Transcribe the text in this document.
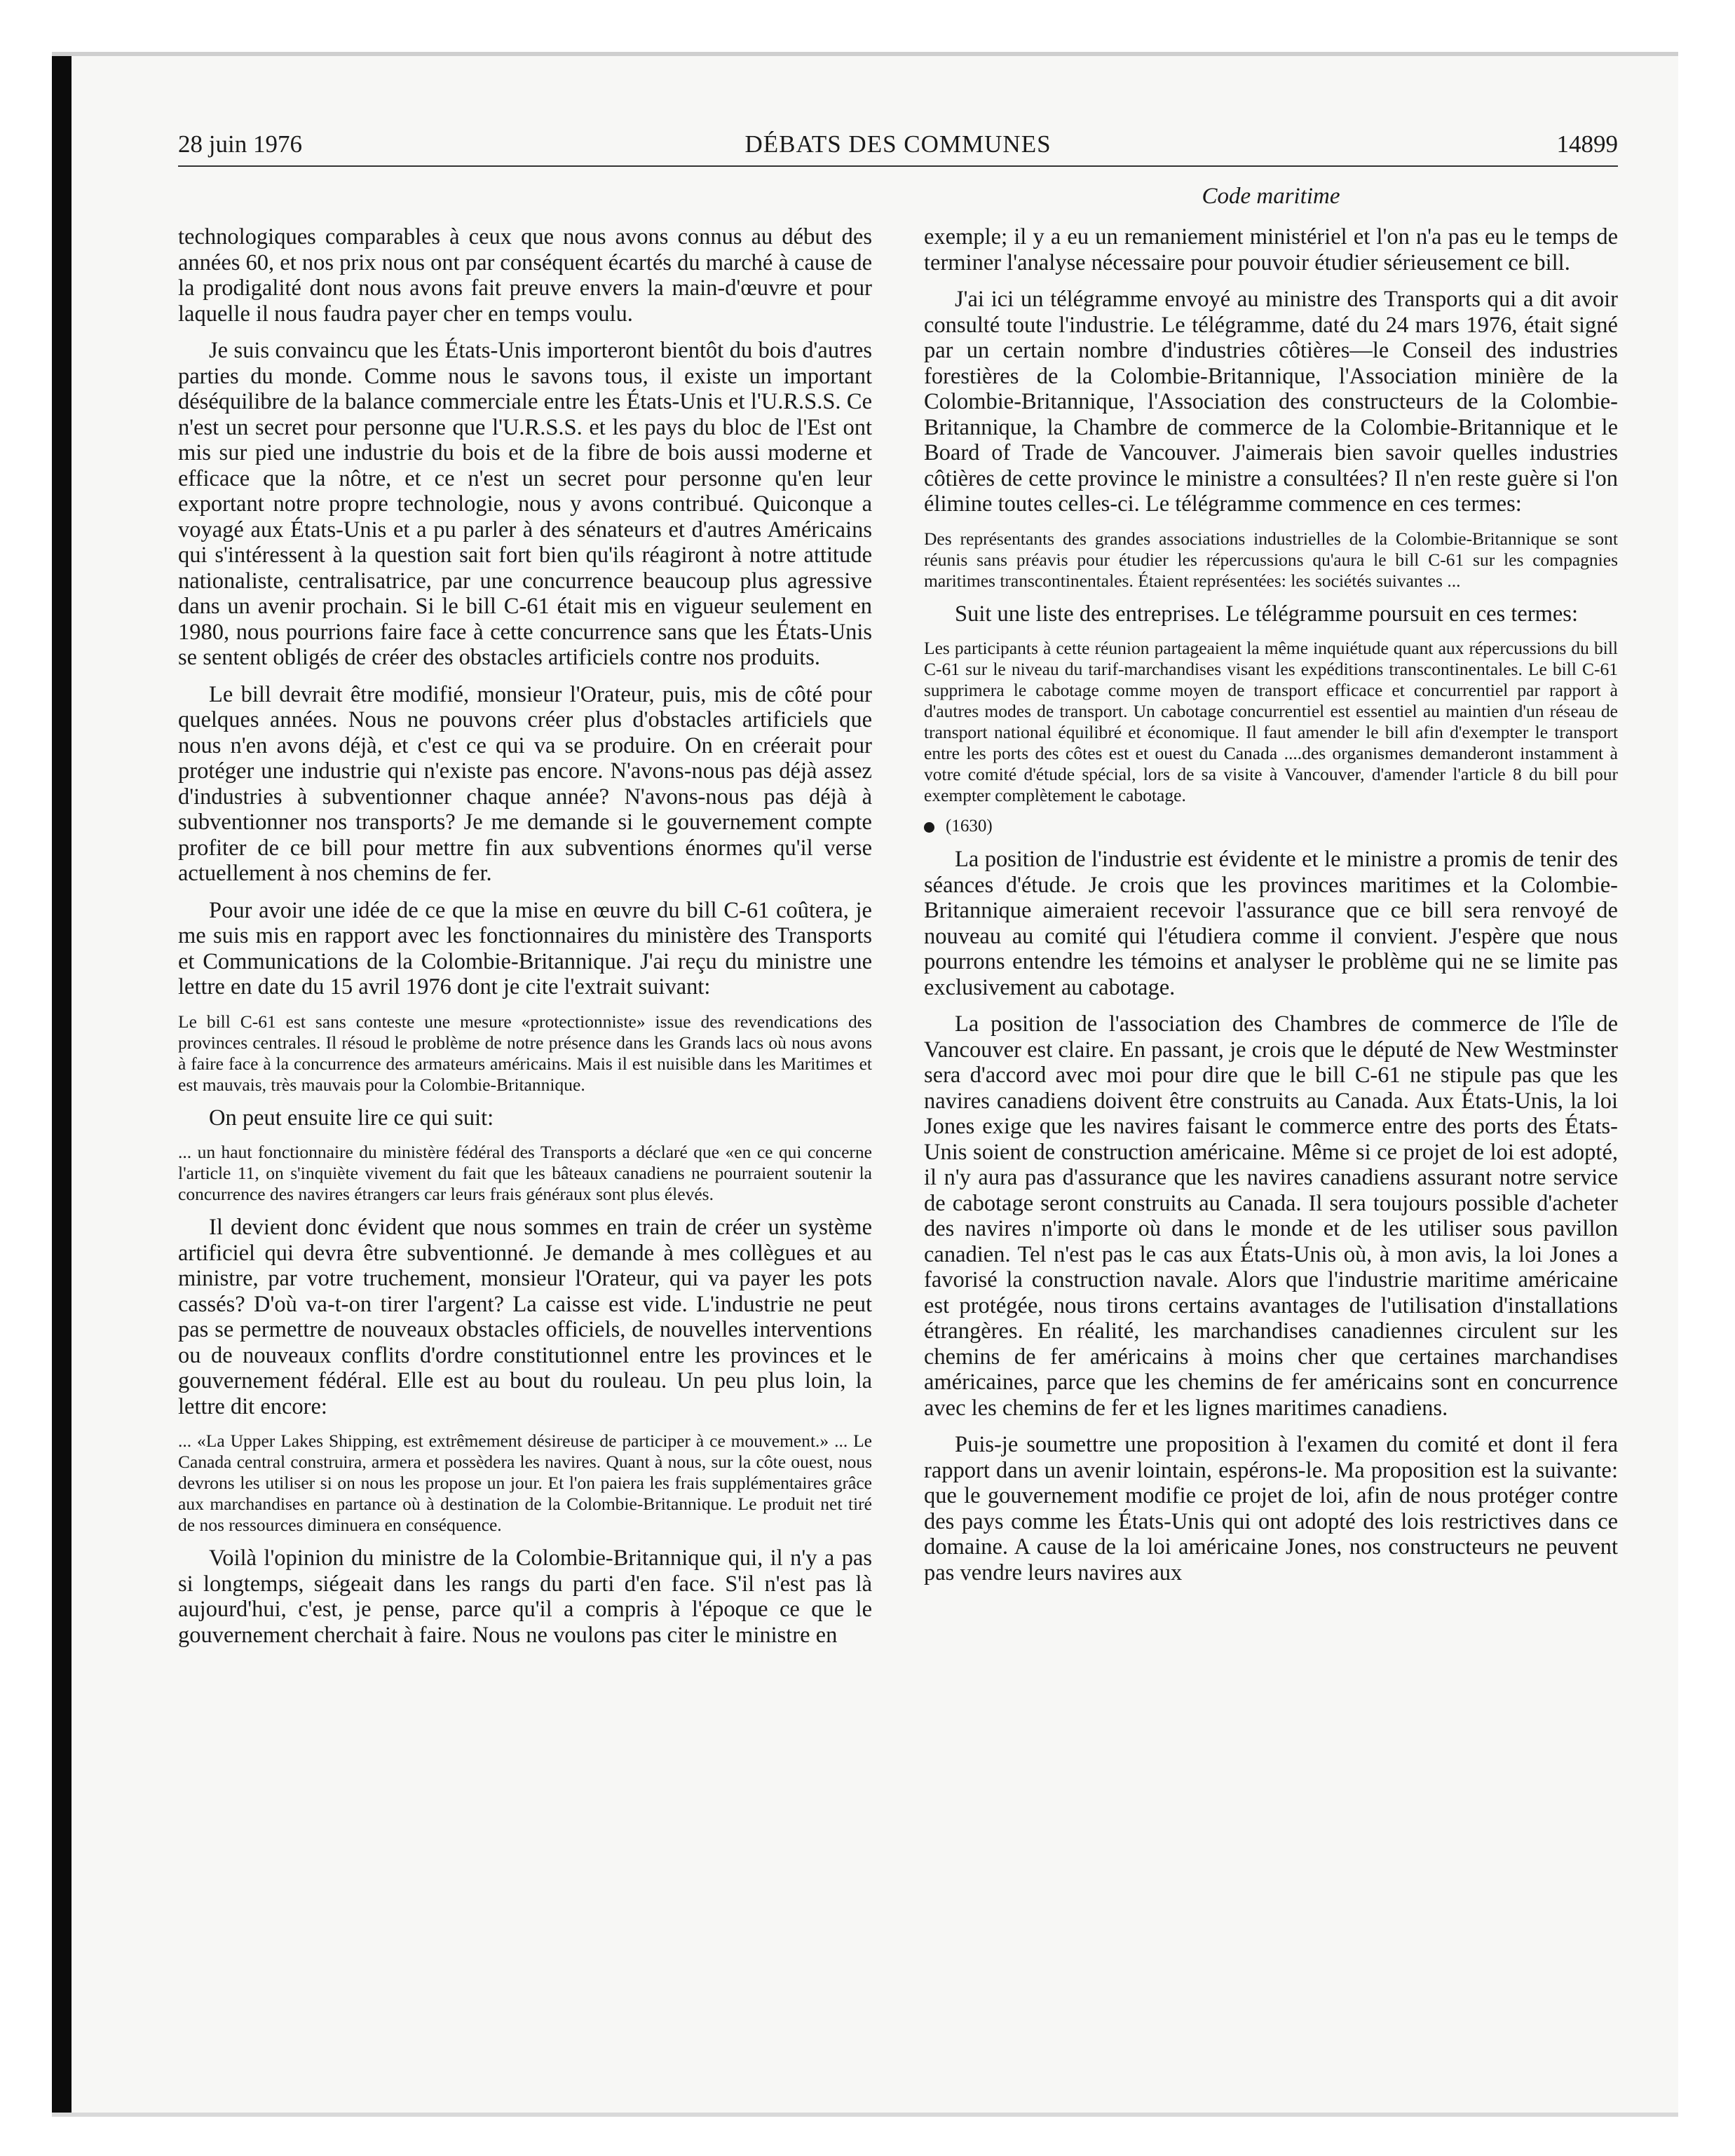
28 juin 1976	DÉBATS DES COMMUNES	14899
Code maritime

technologiques comparables à ceux que nous avons connus au début des années 60, et nos prix nous ont par conséquent écartés du marché à cause de la prodigalité dont nous avons fait preuve envers la main-d'œuvre et pour laquelle il nous faudra payer cher en temps voulu.

Je suis convaincu que les États-Unis importeront bientôt du bois d'autres parties du monde. Comme nous le savons tous, il existe un important déséquilibre de la balance commerciale entre les États-Unis et l'U.R.S.S. Ce n'est un secret pour personne que l'U.R.S.S. et les pays du bloc de l'Est ont mis sur pied une industrie du bois et de la fibre de bois aussi moderne et efficace que la nôtre, et ce n'est un secret pour personne qu'en leur exportant notre propre technologie, nous y avons contribué. Quiconque a voyagé aux États-Unis et a pu parler à des sénateurs et d'autres Américains qui s'intéressent à la question sait fort bien qu'ils réagiront à notre attitude nationaliste, centralisatrice, par une concurrence beaucoup plus agressive dans un avenir prochain. Si le bill C-61 était mis en vigueur seulement en 1980, nous pourrions faire face à cette concurrence sans que les États-Unis se sentent obligés de créer des obstacles artificiels contre nos produits.

Le bill devrait être modifié, monsieur l'Orateur, puis, mis de côté pour quelques années. Nous ne pouvons créer plus d'obstacles artificiels que nous n'en avons déjà, et c'est ce qui va se produire. On en créerait pour protéger une industrie qui n'existe pas encore. N'avons-nous pas déjà assez d'industries à subventionner chaque année? N'avons-nous pas déjà à subventionner nos transports? Je me demande si le gouvernement compte profiter de ce bill pour mettre fin aux subventions énormes qu'il verse actuellement à nos chemins de fer.

Pour avoir une idée de ce que la mise en œuvre du bill C-61 coûtera, je me suis mis en rapport avec les fonctionnaires du ministère des Transports et Communications de la Colombie-Britannique. J'ai reçu du ministre une lettre en date du 15 avril 1976 dont je cite l'extrait suivant:

Le bill C-61 est sans conteste une mesure «protectionniste» issue des revendications des provinces centrales. Il résoud le problème de notre présence dans les Grands lacs où nous avons à faire face à la concurrence des armateurs américains. Mais il est nuisible dans les Maritimes et est mauvais, très mauvais pour la Colombie-Britannique.

On peut ensuite lire ce qui suit:

... un haut fonctionnaire du ministère fédéral des Transports a déclaré que «en ce qui concerne l'article 11, on s'inquiète vivement du fait que les bâteaux canadiens ne pourraient soutenir la concurrence des navires étrangers car leurs frais généraux sont plus élevés.

Il devient donc évident que nous sommes en train de créer un système artificiel qui devra être subventionné. Je demande à mes collègues et au ministre, par votre truchement, monsieur l'Orateur, qui va payer les pots cassés? D'où va-t-on tirer l'argent? La caisse est vide. L'industrie ne peut pas se permettre de nouveaux obstacles officiels, de nouvelles interventions ou de nouveaux conflits d'ordre constitutionnel entre les provinces et le gouvernement fédéral. Elle est au bout du rouleau. Un peu plus loin, la lettre dit encore:

... «La Upper Lakes Shipping, est extrêmement désireuse de participer à ce mouvement.» ... Le Canada central construira, armera et possèdera les navires. Quant à nous, sur la côte ouest, nous devrons les utiliser si on nous les propose un jour. Et l'on paiera les frais supplémentaires grâce aux marchandises en partance où à destination de la Colombie-Britannique. Le produit net tiré de nos ressources diminuera en conséquence.

Voilà l'opinion du ministre de la Colombie-Britannique qui, il n'y a pas si longtemps, siégeait dans les rangs du parti d'en face. S'il n'est pas là aujourd'hui, c'est, je pense, parce qu'il a compris à l'époque ce que le gouvernement cherchait à faire. Nous ne voulons pas citer le ministre en

exemple; il y a eu un remaniement ministériel et l'on n'a pas eu le temps de terminer l'analyse nécessaire pour pouvoir étudier sérieusement ce bill.

J'ai ici un télégramme envoyé au ministre des Transports qui a dit avoir consulté toute l'industrie. Le télégramme, daté du 24 mars 1976, était signé par un certain nombre d'industries côtières—le Conseil des industries forestières de la Colombie-Britannique, l'Association minière de la Colombie-Britannique, l'Association des constructeurs de la Colombie-Britannique, la Chambre de commerce de la Colombie-Britannique et le Board of Trade de Vancouver. J'aimerais bien savoir quelles industries côtières de cette province le ministre a consultées? Il n'en reste guère si l'on élimine toutes celles-ci. Le télégramme commence en ces termes:

Des représentants des grandes associations industrielles de la Colombie-Britannique se sont réunis sans préavis pour étudier les répercussions qu'aura le bill C-61 sur les compagnies maritimes transcontinentales. Étaient représentées: les sociétés suivantes ...

Suit une liste des entreprises. Le télégramme poursuit en ces termes:

Les participants à cette réunion partageaient la même inquiétude quant aux répercussions du bill C-61 sur le niveau du tarif-marchandises visant les expéditions transcontinentales. Le bill C-61 supprimera le cabotage comme moyen de transport efficace et concurrentiel par rapport à d'autres modes de transport. Un cabotage concurrentiel est essentiel au maintien d'un réseau de transport national équilibré et économique. Il faut amender le bill afin d'exempter le transport entre les ports des côtes est et ouest du Canada ....des organismes demanderont instamment à votre comité d'étude spécial, lors de sa visite à Vancouver, d'amender l'article 8 du bill pour exempter complètement le cabotage.

(1630)

La position de l'industrie est évidente et le ministre a promis de tenir des séances d'étude. Je crois que les provinces maritimes et la Colombie-Britannique aimeraient recevoir l'assurance que ce bill sera renvoyé de nouveau au comité qui l'étudiera comme il convient. J'espère que nous pourrons entendre les témoins et analyser le problème qui ne se limite pas exclusivement au cabotage.

La position de l'association des Chambres de commerce de l'île de Vancouver est claire. En passant, je crois que le député de New Westminster sera d'accord avec moi pour dire que le bill C-61 ne stipule pas que les navires canadiens doivent être construits au Canada. Aux États-Unis, la loi Jones exige que les navires faisant le commerce entre des ports des États-Unis soient de construction américaine. Même si ce projet de loi est adopté, il n'y aura pas d'assurance que les navires canadiens assurant notre service de cabotage seront construits au Canada. Il sera toujours possible d'acheter des navires n'importe où dans le monde et de les utiliser sous pavillon canadien. Tel n'est pas le cas aux États-Unis où, à mon avis, la loi Jones a favorisé la construction navale. Alors que l'industrie maritime américaine est protégée, nous tirons certains avantages de l'utilisation d'installations étrangères. En réalité, les marchandises canadiennes circulent sur les chemins de fer américains à moins cher que certaines marchandises américaines, parce que les chemins de fer américains sont en concurrence avec les chemins de fer et les lignes maritimes canadiens.

Puis-je soumettre une proposition à l'examen du comité et dont il fera rapport dans un avenir lointain, espérons-le. Ma proposition est la suivante: que le gouvernement modifie ce projet de loi, afin de nous protéger contre des pays comme les États-Unis qui ont adopté des lois restrictives dans ce domaine. A cause de la loi américaine Jones, nos constructeurs ne peuvent pas vendre leurs navires aux
